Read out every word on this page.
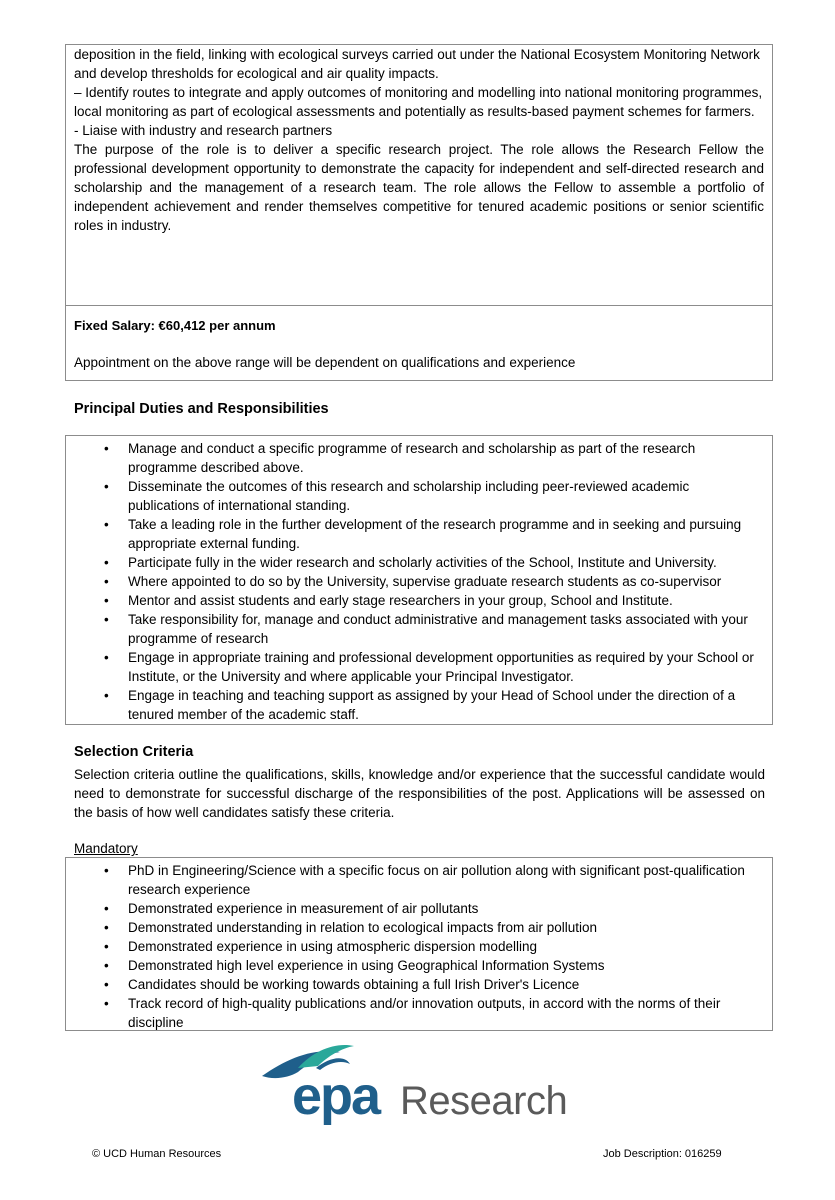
deposition in the field, linking with ecological surveys carried out under the National Ecosystem Monitoring Network and develop thresholds for ecological and air quality impacts.

– Identify routes to integrate and apply outcomes of monitoring and modelling into national monitoring programmes, local monitoring as part of ecological assessments and potentially as results-based payment schemes for farmers.

- Liaise with industry and research partners

The purpose of the role is to deliver a specific research project. The role allows the Research Fellow the professional development opportunity to demonstrate the capacity for independent and self-directed research and scholarship and the management of a research team. The role allows the Fellow to assemble a portfolio of independent achievement and render themselves competitive for tenured academic positions or senior scientific roles in industry.

Fixed Salary: €60,412 per annum

Appointment on the above range will be dependent on qualifications and experience

Principal Duties and Responsibilities
• Manage and conduct a specific programme of research and scholarship as part of the research programme described above.
• Disseminate the outcomes of this research and scholarship including peer-reviewed academic publications of international standing.
• Take a leading role in the further development of the research programme and in seeking and pursuing appropriate external funding.
• Participate fully in the wider research and scholarly activities of the School, Institute and University.
• Where appointed to do so by the University, supervise graduate research students as co-supervisor
• Mentor and assist students and early stage researchers in your group, School and Institute.
• Take responsibility for, manage and conduct administrative and management tasks associated with your programme of research
• Engage in appropriate training and professional development opportunities as required by your School or Institute, or the University and where applicable your Principal Investigator.
• Engage in teaching and teaching support as assigned by your Head of School under the direction of a tenured member of the academic staff.
Selection Criteria
Selection criteria outline the qualifications, skills, knowledge and/or experience that the successful candidate would need to demonstrate for successful discharge of the responsibilities of the post. Applications will be assessed on the basis of how well candidates satisfy these criteria.
Mandatory
• PhD in Engineering/Science with a specific focus on air pollution along with significant post-qualification research experience
• Demonstrated experience in measurement of air pollutants
• Demonstrated understanding in relation to ecological impacts from air pollution
• Demonstrated experience in using atmospheric dispersion modelling
• Demonstrated high level experience in using Geographical Information Systems
• Candidates should be working towards obtaining a full Irish Driver's Licence
• Track record of high-quality publications and/or innovation outputs, in accord with the norms of their discipline
epa Research
© UCD Human Resources	Job Description: 016259
